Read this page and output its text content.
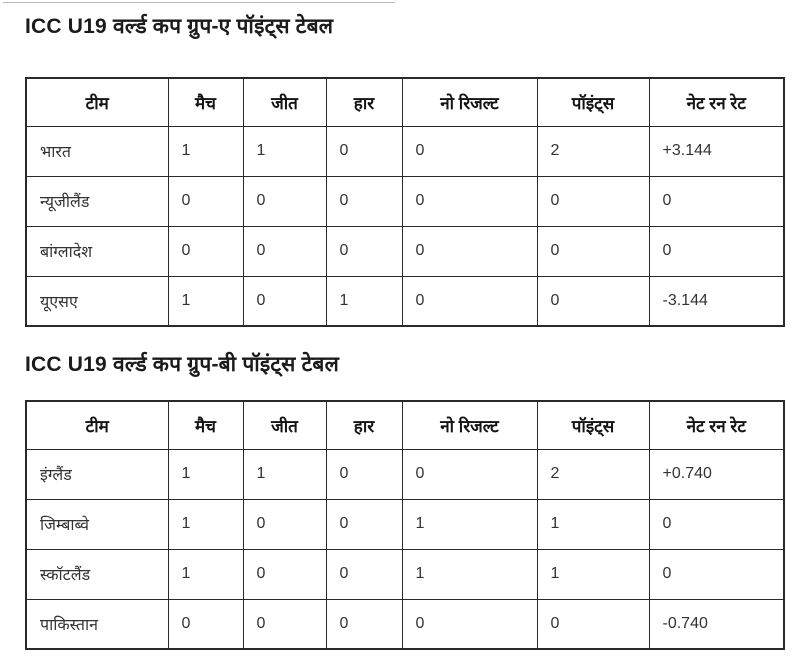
ICC U19 वर्ल्ड कप ग्रुप-ए पॉइंट्स टेबल
टीम	मैच	जीत	हार	नो रिजल्ट	पॉइंट्स	नेट रन रेट
भारत	1	1	0	0	2	+3.144
न्यूजीलैंड	0	0	0	0	0	0
बांग्लादेश	0	0	0	0	0	0
यूएसए	1	0	1	0	0	-3.144
ICC U19 वर्ल्ड कप ग्रुप-बी पॉइंट्स टेबल
टीम	मैच	जीत	हार	नो रिजल्ट	पॉइंट्स	नेट रन रेट
इंग्लैंड	1	1	0	0	2	+0.740
जिम्बाब्वे	1	0	0	1	1	0
स्कॉटलैंड	1	0	0	1	1	0
पाकिस्तान	0	0	0	0	0	-0.740
